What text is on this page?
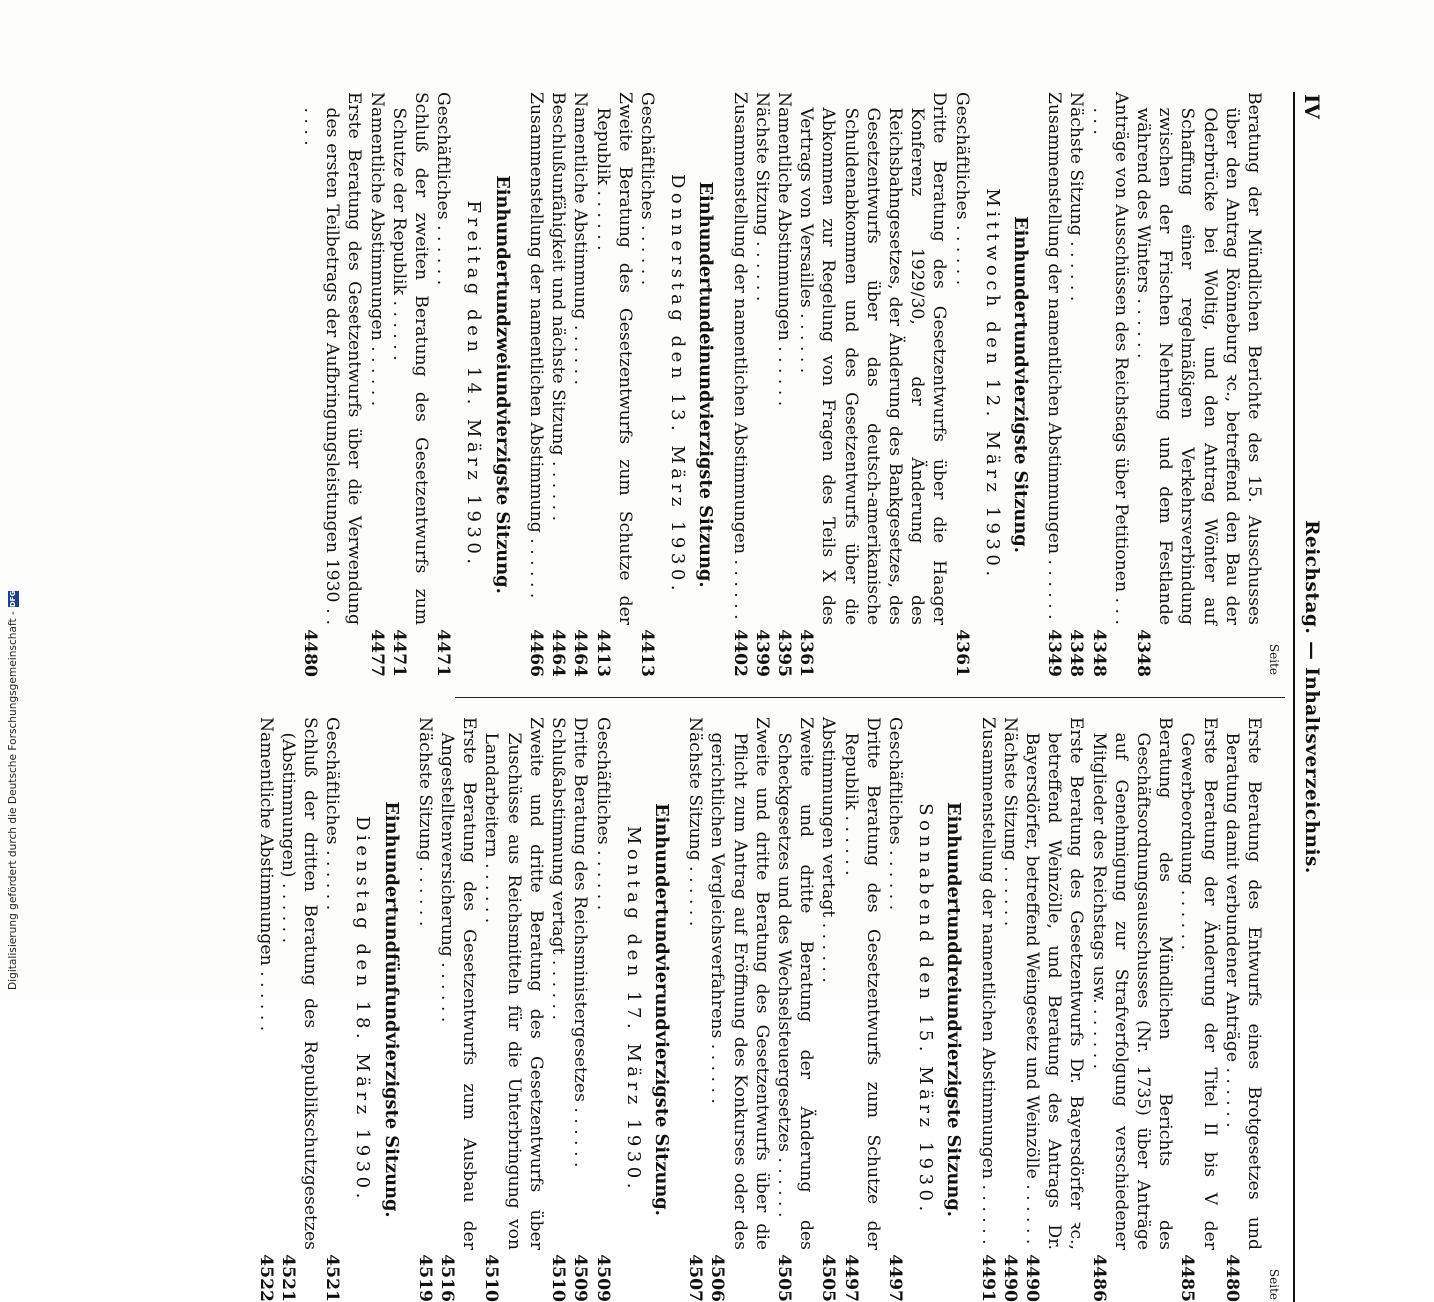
IV
Reichstag. — Inhaltsverzeichnis.
Seite
Beratung der Mündlichen Berichte des 15. Ausschusses über den Antrag Rönneburg ꝛc., betreffend den Bau der Oderbrücke bei Woltig, und den Antrag Wönter auf Schaffung einer regelmäßigen Verkehrsverbindung zwischen der Frischen Nehrung und dem Festlande während des Winters . . . . . .
4348
Anträge von Ausschüssen des Reichstags über Petitionen . . . . . .
4348
Nächste Sitzung . . . . . .
4348
Zusammenstellung der namentlichen Abstimmungen . . . . . .
4349
Einhundertundvierzigste Sitzung.
Mittwoch den 12. März 1930.
Geschäftliches . . . . . .
4361
Dritte Beratung des Gesetzentwurfs über die Haager Konferenz 1929/30, der Änderung des Reichsbahngesetzes, der Änderung des Bankgesetzes, des Gesetzentwurfs über das deutsch-amerikanische Schuldenabkommen und des Gesetzentwurfs über die Abkommen zur Regelung von Fragen des Teils X des Vertrags von Versailles . . . . . .
4361
Namentliche Abstimmungen . . . . . .
4395
Nächste Sitzung . . . . . .
4399
Zusammenstellung der namentlichen Abstimmungen . . . . . .
4402
Einhundertundeinundvierzigste Sitzung.
Donnerstag den 13. März 1930.
Geschäftliches . . . . . .
4413
Zweite Beratung des Gesetzentwurfs zum Schutze der Republik . . . . . .
4413
Namentliche Abstimmung . . . . . .
4464
Beschlußunfähigkeit und nächste Sitzung . . . . . .
4464
Zusammenstellung der namentlichen Abstimmung . . . . . .
4466
Einhundertundzweiundvierzigste Sitzung.
Freitag den 14. März 1930.
Geschäftliches . . . . . .
4471
Schluß der zweiten Beratung des Gesetzentwurfs zum Schutze der Republik . . . . . .
4471
Namentliche Abstimmungen . . . . . .
4477
Erste Beratung des Gesetzentwurfs über die Verwendung des ersten Teilbetrags der Aufbringungsleistungen 1930 . . . . . .
4480
Seite
Erste Beratung des Entwurfs eines Brotgesetzes und Beratung damit verbundener Anträge . . . . . .
4480
Erste Beratung der Änderung der Titel II bis V der Gewerbeordnung . . . . . .
4485
Beratung des Mündlichen Berichts des Geschäftsordnungsausschusses (Nr. 1735) über Anträge auf Genehmigung zur Strafverfolgung verschiedener Mitglieder des Reichstags usw. . . . . . .
4486
Erste Beratung des Gesetzentwurfs Dr. Bayersdörfer ꝛc., betreffend Weinzölle, und Beratung des Antrags Dr. Bayersdörfer, betreffend Weingesetz und Weinzölle . . . . . .
4490
Nächste Sitzung . . . . . .
4490
Zusammenstellung der namentlichen Abstimmungen . . . . . .
4491
Einhundertunddreiundvierzigste Sitzung.
Sonnabend den 15. März 1930.
Geschäftliches . . . . . .
4497
Dritte Beratung des Gesetzentwurfs zum Schutze der Republik . . . . . .
4497
Abstimmungen vertagt . . . . . .
4505
Zweite und dritte Beratung der Änderung des Scheckgesetzes und des Wechselsteuergesetzes . . . . . .
4505
Zweite und dritte Beratung des Gesetzentwurfs über die Pflicht zum Antrag auf Eröffnung des Konkurses oder des gerichtlichen Vergleichsverfahrens . . . . . .
4506
Nächste Sitzung . . . . . .
4507
Einhundertundvierundvierzigste Sitzung.
Montag den 17. März 1930.
Geschäftliches . . . . . .
4509
Dritte Beratung des Reichsministergesetzes . . . . . .
4509
Schlußabstimmung vertagt . . . . . .
4510
Zweite und dritte Beratung des Gesetzentwurfs über Zuschüsse aus Reichsmitteln für die Unterbringung von Landarbeitern . . . . . .
4510
Erste Beratung des Gesetzentwurfs zum Ausbau der Angestelltenversicherung . . . . . .
4516
Nächste Sitzung . . . . . .
4519
Einhundertundfünfundvierzigste Sitzung.
Dienstag den 18. März 1930.
Geschäftliches . . . . . .
4521
Schluß der dritten Beratung des Republikschutzgesetzes (Abstimmungen) . . . . . .
4521
Namentliche Abstimmungen . . . . . .
4522
Digitalisierung gefördert durch die Deutsche Forschungsgemeinschaft -
DFG
